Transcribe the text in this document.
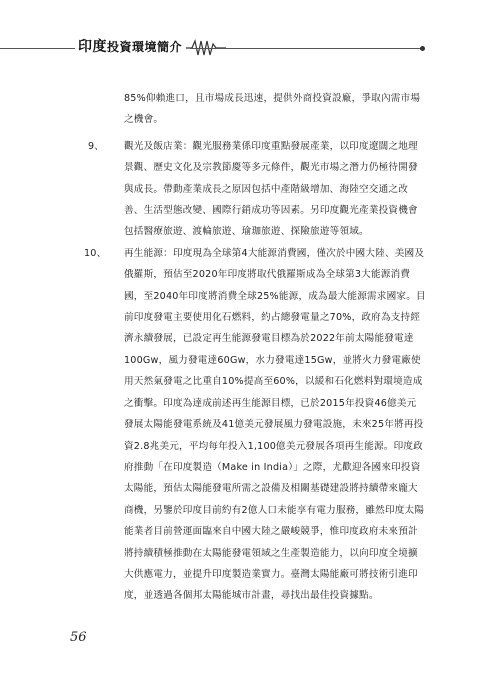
印度投資環境簡介
85%仰賴進口，且市場成長迅速，提供外商投資設廠，爭取內需市場之機會。
9、 觀光及飯店業：觀光服務業係印度重點發展產業，以印度遼闊之地理景觀、歷史文化及宗教節慶等多元條件，觀光市場之潛力仍極待開發與成長。帶動產業成長之原因包括中產階級增加、海陸空交通之改善、生活型態改變、國際行銷成功等因素。另印度觀光產業投資機會包括醫療旅遊、渡輪旅遊、瑜珈旅遊、探險旅遊等領域。
10、 再生能源：印度現為全球第4大能源消費國，僅次於中國大陸、美國及俄羅斯，預估至2020年印度將取代俄羅斯成為全球第3大能源消費國，至2040年印度將消費全球25%能源，成為最大能源需求國家。目前印度發電主要使用化石燃料，約占總發電量之70%，政府為支持經濟永續發展，已設定再生能源發電目標為於2022年前太陽能發電達100Gw，風力發電達60Gw，水力發電達15Gw，並將火力發電廠使用天然氣發電之比重自10%提高至60%，以緩和石化燃料對環境造成之衝擊。印度為達成前述再生能源目標，已於2015年投資46億美元發展太陽能發電系統及41億美元發展風力發電設施，未來25年將再投資2.8兆美元，平均每年投入1,100億美元發展各項再生能源。印度政府推動「在印度製造（Make in India）」之際，尤歡迎各國來印投資太陽能，預估太陽能發電所需之設備及相關基礎建設將持續帶來龐大商機，另鑒於印度目前約有2億人口未能享有電力服務，雖然印度太陽能業者目前營運面臨來自中國大陸之嚴峻競爭，惟印度政府未來預計將持續積極推動在太陽能發電領域之生產製造能力，以向印度全境擴大供應電力，並提升印度製造業實力。臺灣太陽能廠可將技術引進印度，並透過各個邦太陽能城市計畫，尋找出最佳投資據點。
56
